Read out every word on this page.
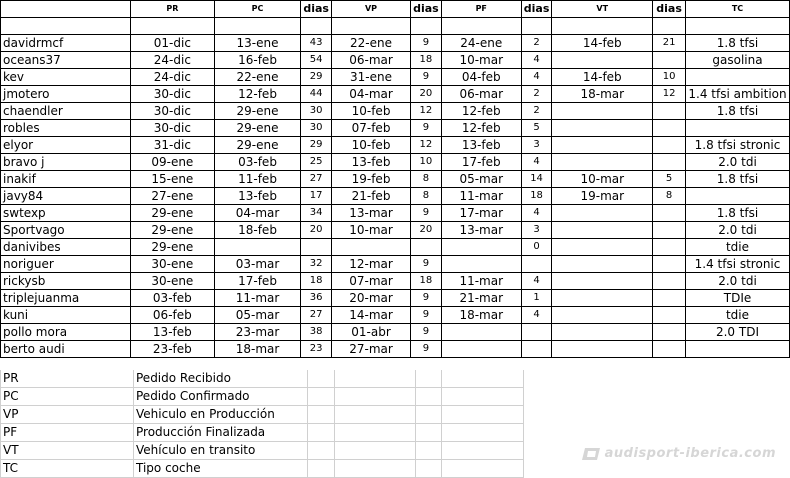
	PR	PC	dias	VP	dias	PF	dias	VT	dias	TC

davidrmcf	01-dic	13-ene	43	22-ene	9	24-ene	2	14-feb	21	1.8 tfsi
oceans37	24-dic	16-feb	54	06-mar	18	10-mar	4			gasolina
kev	24-dic	22-ene	29	31-ene	9	04-feb	4	14-feb	10	
jmotero	30-dic	12-feb	44	04-mar	20	06-mar	2	18-mar	12	1.4 tfsi ambition
chaendler	30-dic	29-ene	30	10-feb	12	12-feb	2			1.8 tfsi
robles	30-dic	29-ene	30	07-feb	9	12-feb	5			
elyor	31-dic	29-ene	29	10-feb	12	13-feb	3			1.8 tfsi stronic
bravo j	09-ene	03-feb	25	13-feb	10	17-feb	4			2.0 tdi
inakif	15-ene	11-feb	27	19-feb	8	05-mar	14	10-mar	5	1.8 tfsi
javy84	27-ene	13-feb	17	21-feb	8	11-mar	18	19-mar	8	
swtexp	29-ene	04-mar	34	13-mar	9	17-mar	4			1.8 tfsi
Sportvago	29-ene	18-feb	20	10-mar	20	13-mar	3			2.0 tdi
danivibes	29-ene						0			tdie
noriguer	30-ene	03-mar	32	12-mar	9					1.4 tfsi stronic
rickysb	30-ene	17-feb	18	07-mar	18	11-mar	4			2.0 tdi
triplejuanma	03-feb	11-mar	36	20-mar	9	21-mar	1			TDIe
kuni	06-feb	05-mar	27	14-mar	9	18-mar	4			tdie
pollo mora	13-feb	23-mar	38	01-abr	9					2.0 TDI
berto audi	23-feb	18-mar	23	27-mar	9					
PR	Pedido Recibido				
PC	Pedido Confirmado				
VP	Vehiculo en Producción				
PF	Producción Finalizada				
VT	Vehículo en transito				
TC	Tipo coche				
audisport-iberica.com
